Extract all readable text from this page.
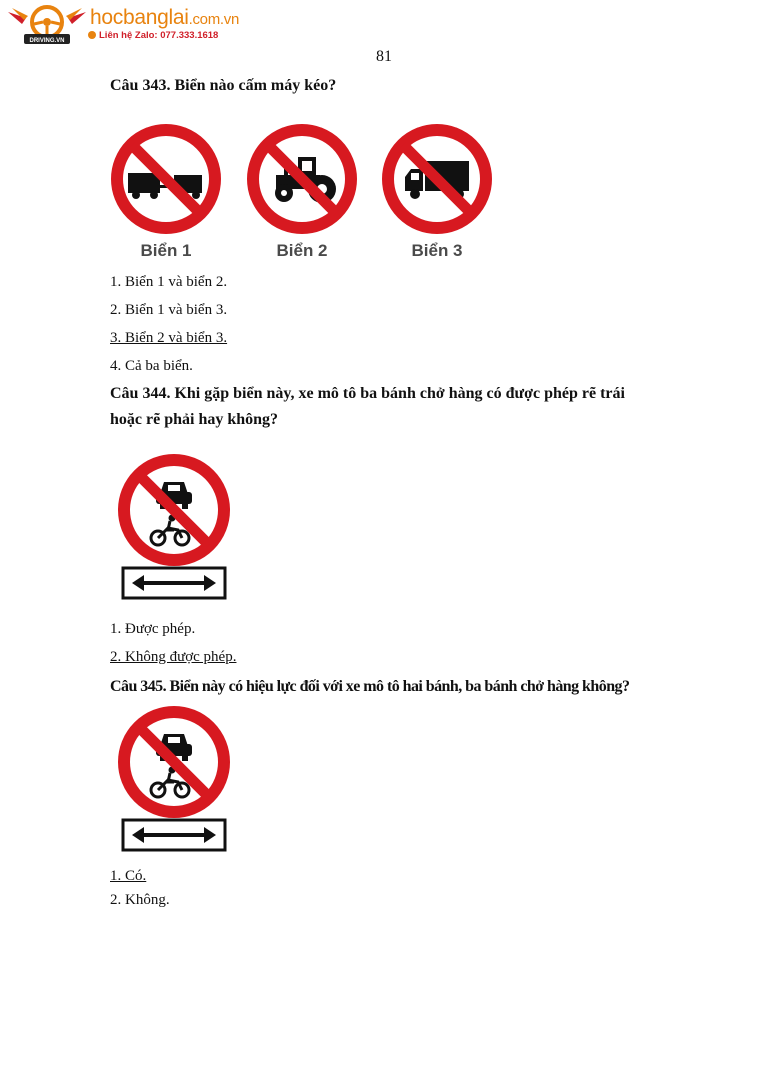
DRIVING.VN
hocbanglai.com.vn
Liên hệ Zalo: 077.333.1618
81
Câu 343. Biển nào cấm máy kéo?
Biển 1	Biển 2	Biển 3
1. Biển 1 và biển 2.
2. Biển 1 và biển 3.
3. Biển 2 và biển 3.
4. Cả ba biển.
Câu 344. Khi gặp biển này, xe mô tô ba bánh chở hàng có được phép rẽ trái
hoặc rẽ phải hay không?
1. Được phép.
2. Không được phép.
Câu 345. Biển này có hiệu lực đối với xe mô tô hai bánh, ba bánh chở hàng không?
1. Có.
2. Không.
